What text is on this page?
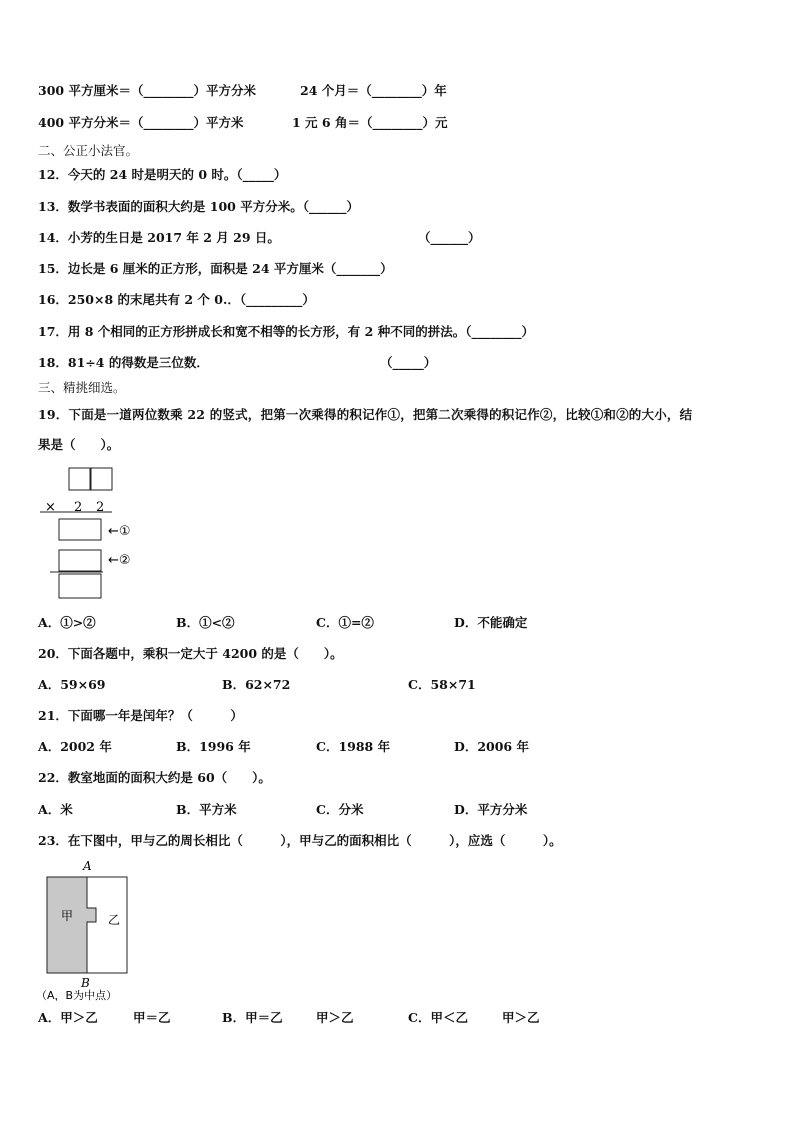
300 平方厘米＝（________）平方分米	24 个月＝（________）年
400 平方分米＝（________）平方米	1 元 6 角＝（________）元
二、公正小法官。
12．今天的 24 时是明天的 0 时。（_____）
13．数学书表面的面积大约是 100 平方分米。（______）
14．小芳的生日是 2017 年 2 月 29 日。	（______）
15．边长是 6 厘米的正方形，面积是 24 平方厘米（_______）
16．250×8 的末尾共有 2 个 0.．（_________）
17．用 8 个相同的正方形拼成长和宽不相等的长方形，有 2 种不同的拼法。（________）
18．81÷4 的得数是三位数．	（_____）
三、精挑细选。
19．下面是一道两位数乘 22 的竖式，把第一次乘得的积记作①，把第二次乘得的积记作②，比较①和②的大小，结
果是（　　）。
× 2 2
←①
←②
A．①>②	B．①<②	C．①=②	D．不能确定
20．下面各题中，乘积一定大于 4200 的是（　　）。
A．59×69	B．62×72	C．58×71
21．下面哪一年是闰年？（　　　）
A．2002 年	B．1996 年	C．1988 年	D．2006 年
22．教室地面的面积大约是 60（　　）。
A．米	B．平方米	C．分米	D．平方分米
23．在下图中，甲与乙的周长相比（　　　），甲与乙的面积相比（　　　），应选（　　　）。
A
甲	乙
B
（A，B为中点）
A．甲＞乙	甲＝乙	B．甲＝乙	甲＞乙	C．甲＜乙	甲＞乙
